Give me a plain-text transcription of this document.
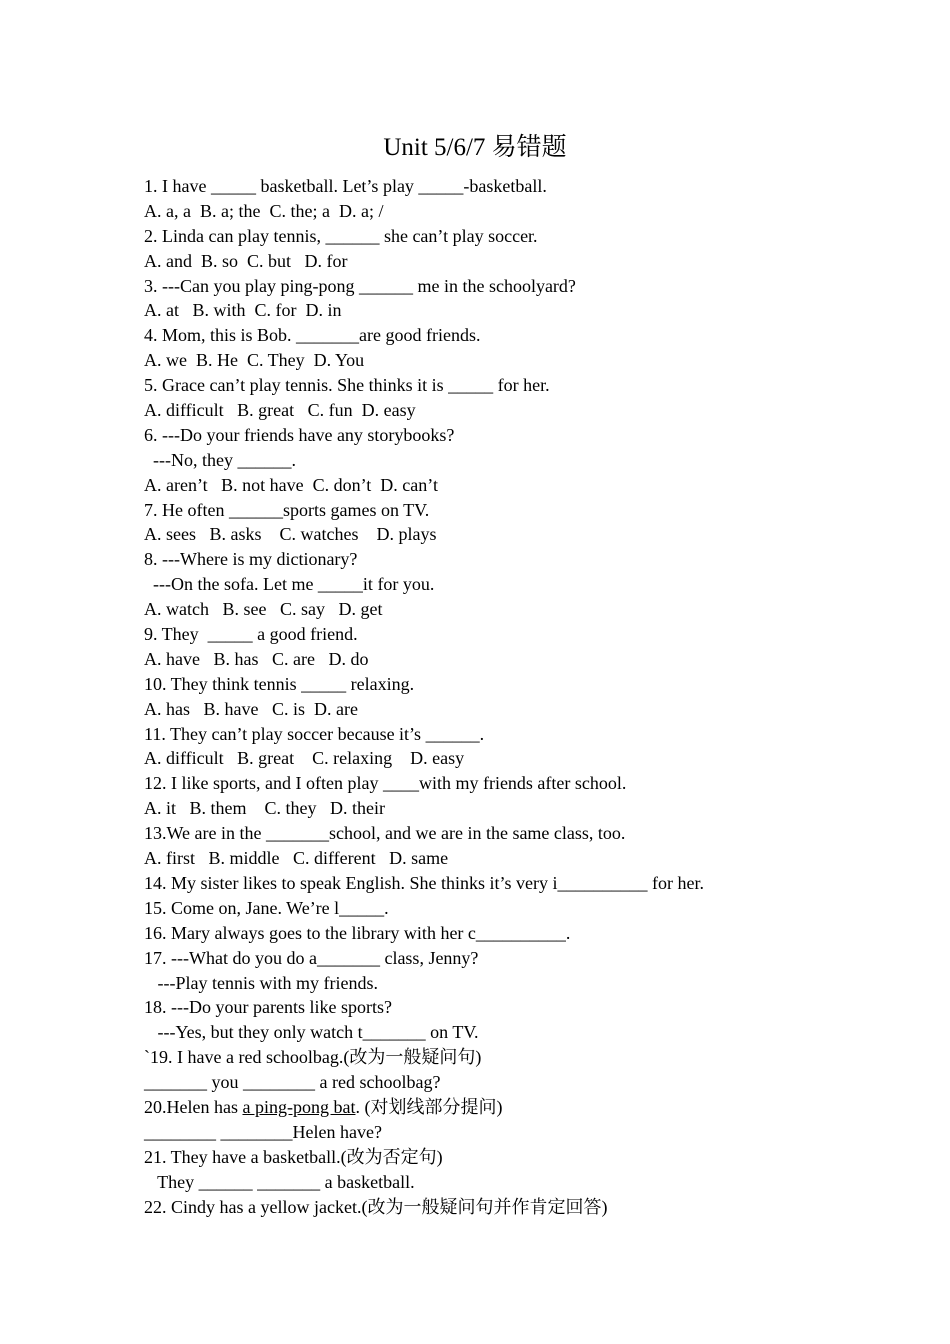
Unit 5/6/7 易错题
1. I have _____ basketball. Let’s play _____-basketball.
A. a, a  B. a; the  C. the; a  D. a; /
2. Linda can play tennis, ______ she can’t play soccer.
A. and  B. so  C. but   D. for
3. ---Can you play ping-pong ______ me in the schoolyard?
A. at   B. with  C. for  D. in
4. Mom, this is Bob. _______are good friends.
A. we  B. He  C. They  D. You
5. Grace can’t play tennis. She thinks it is _____ for her.
A. difficult   B. great   C. fun  D. easy
6. ---Do your friends have any storybooks?
---No, they ______.
A. aren’t   B. not have  C. don’t  D. can’t
7. He often ______sports games on TV.
A. sees   B. asks    C. watches    D. plays
8. ---Where is my dictionary?
---On the sofa. Let me _____it for you.
A. watch   B. see   C. say   D. get
9. They  _____ a good friend.
A. have   B. has   C. are   D. do
10. They think tennis _____ relaxing.
A. has   B. have   C. is  D. are
11. They can’t play soccer because it’s ______.
A. difficult   B. great    C. relaxing    D. easy
12. I like sports, and I often play ____with my friends after school.
A. it   B. them    C. they   D. their
13.We are in the _______school, and we are in the same class, too.
A. first   B. middle   C. different   D. same
14. My sister likes to speak English. She thinks it’s very i__________ for her.
15. Come on, Jane. We’re l_____.
16. Mary always goes to the library with her c__________.
17. ---What do you do a_______ class, Jenny?
---Play tennis with my friends.
18. ---Do your parents like sports?
---Yes, but they only watch t_______ on TV.
`19. I have a red schoolbag.(改为一般疑问句)
_______ you ________ a red schoolbag?
20.Helen has a ping-pong bat. (对划线部分提问)
________ ________Helen have?
21. They have a basketball.(改为否定句)
They ______ _______ a basketball.
22. Cindy has a yellow jacket.(改为一般疑问句并作肯定回答)
